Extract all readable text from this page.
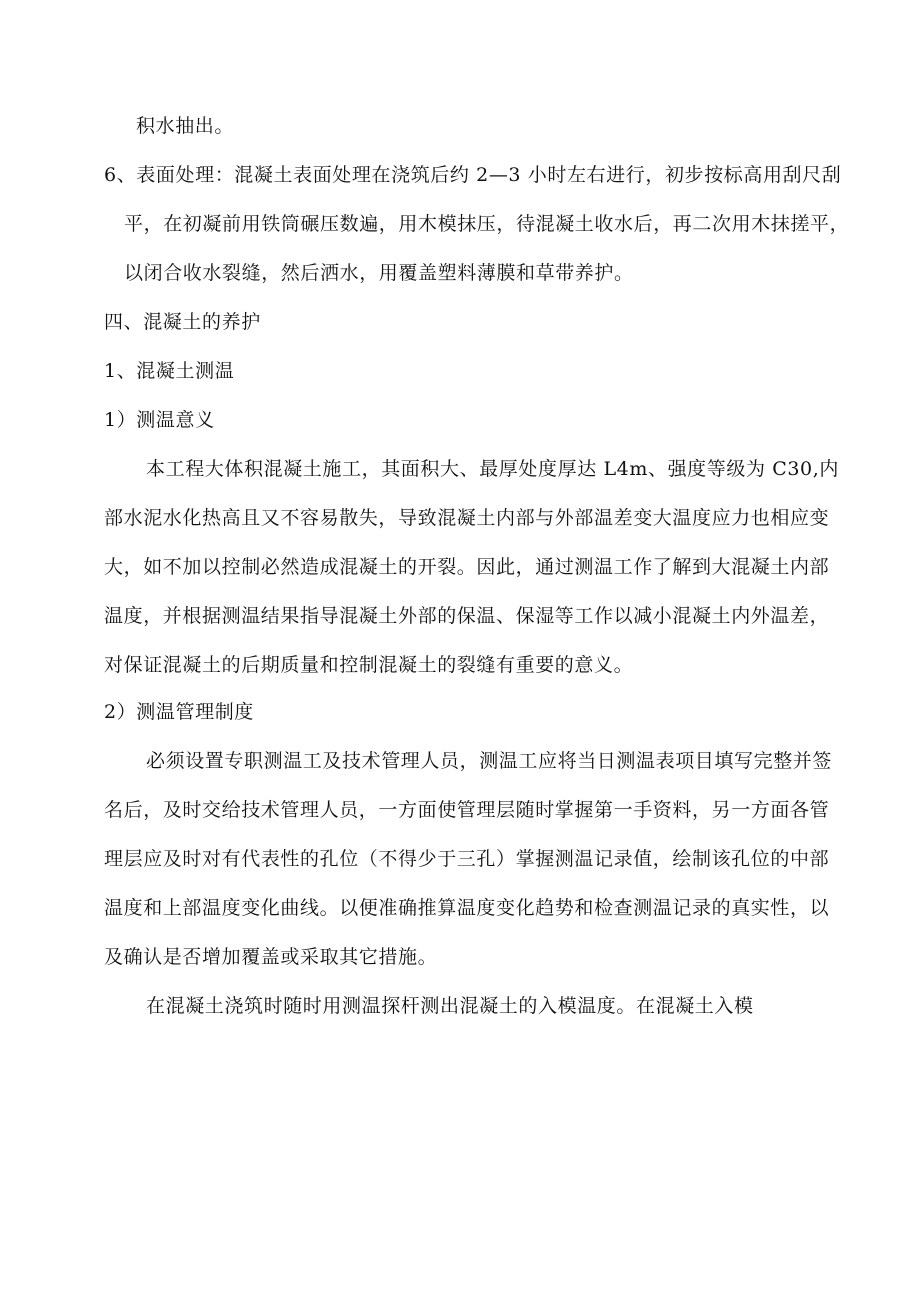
积水抽出。

6、表面处理：混凝土表面处理在浇筑后约 2—3 小时左右进行，初步按标高用刮尺刮

平，在初凝前用铁筒碾压数遍，用木模抹压，待混凝土收水后，再二次用木抹搓平，

以闭合收水裂缝，然后洒水，用覆盖塑料薄膜和草带养护。

四、混凝土的养护

1、混凝土测温

1）测温意义

本工程大体积混凝土施工，其面积大、最厚处度厚达 L4m、强度等级为 C30,内

部水泥水化热高且又不容易散失，导致混凝土内部与外部温差变大温度应力也相应变

大，如不加以控制必然造成混凝土的开裂。因此，通过测温工作了解到大混凝土内部

温度，并根据测温结果指导混凝土外部的保温、保湿等工作以减小混凝土内外温差，

对保证混凝土的后期质量和控制混凝土的裂缝有重要的意义。

2）测温管理制度

必须设置专职测温工及技术管理人员，测温工应将当日测温表项目填写完整并签

名后，及时交给技术管理人员，一方面使管理层随时掌握第一手资料，另一方面各管

理层应及时对有代表性的孔位（不得少于三孔）掌握测温记录值，绘制该孔位的中部

温度和上部温度变化曲线。以便准确推算温度变化趋势和检查测温记录的真实性，以

及确认是否增加覆盖或采取其它措施。

在混凝土浇筑时随时用测温探杆测出混凝土的入模温度。在混凝土入模
